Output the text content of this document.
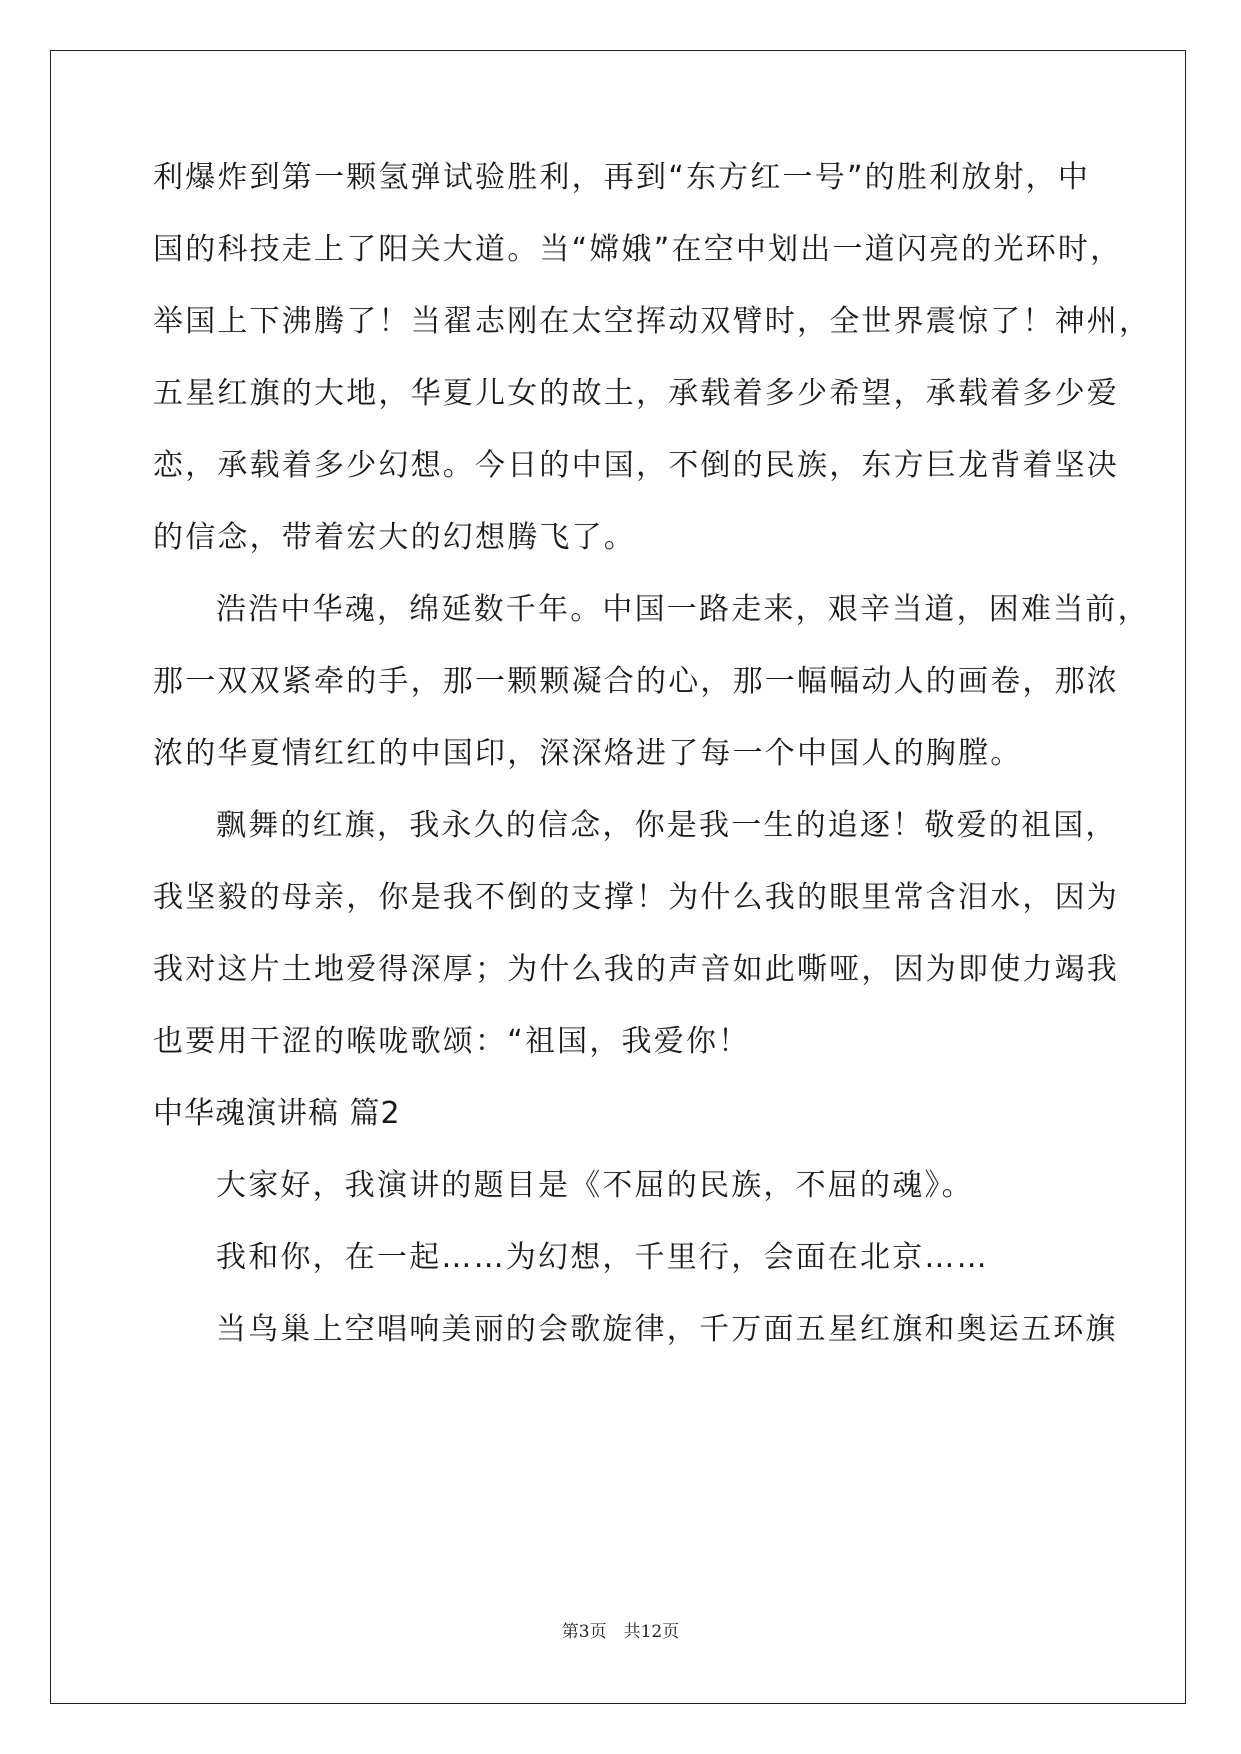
利爆炸到第一颗氢弹试验胜利，再到“东方红一号”的胜利放射，中
国的科技走上了阳关大道。当“嫦娥”在空中划出一道闪亮的光环时，
举国上下沸腾了！当翟志刚在太空挥动双臂时，全世界震惊了！神州，
五星红旗的大地，华夏儿女的故土，承载着多少希望，承载着多少爱
恋，承载着多少幻想。今日的中国，不倒的民族，东方巨龙背着坚决
的信念，带着宏大的幻想腾飞了。
浩浩中华魂，绵延数千年。中国一路走来，艰辛当道，困难当前，
那一双双紧牵的手，那一颗颗凝合的心，那一幅幅动人的画卷，那浓
浓的华夏情红红的中国印，深深烙进了每一个中国人的胸膛。
飘舞的红旗，我永久的信念，你是我一生的追逐！敬爱的祖国，
我坚毅的母亲，你是我不倒的支撑！为什么我的眼里常含泪水，因为
我对这片土地爱得深厚；为什么我的声音如此嘶哑，因为即使力竭我
也要用干涩的喉咙歌颂：“祖国，我爱你！
中华魂演讲稿 篇2
大家好，我演讲的题目是《不屈的民族，不屈的魂》。
我和你，在一起……为幻想，千里行，会面在北京……
当鸟巢上空唱响美丽的会歌旋律，千万面五星红旗和奥运五环旗
第3页　共12页
